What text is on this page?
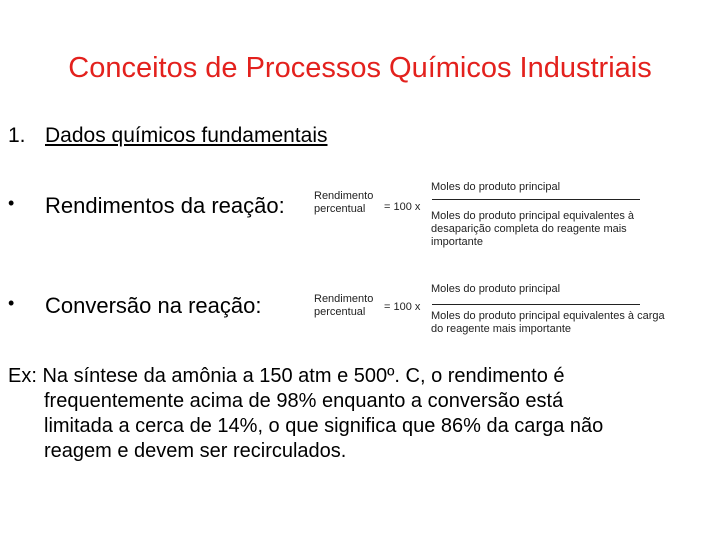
Conceitos de Processos Químicos Industriais
1. Dados químicos fundamentais
• Rendimentos da reação:	Rendimento
percentual	= 100 x
Moles do produto principal
Moles do produto principal equivalentes à desaparição completa do reagente mais importante
• Conversão na reação:	Rendimento
percentual	= 100 x
Moles do produto principal
Moles do produto principal equivalentes à carga do reagente mais importante
Ex: Na síntese da amônia a 150 atm e 500º. C, o rendimento é
frequentemente acima de 98% enquanto a conversão está
limitada a cerca de 14%, o que significa que 86% da carga não
reagem e devem ser recirculados.
